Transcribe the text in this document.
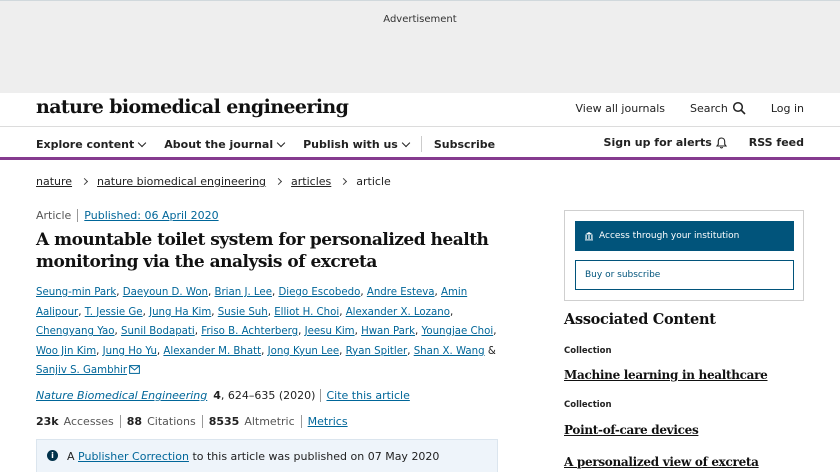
Advertisement
nature biomedical engineering	View all journals Search	Log in
Explore content	About the journal	Publish with us	Subscribe	Sign up for alerts	RSS feed
nature nature biomedical engineering articles article
Article Published: 06 April 2020
A mountable toilet system for personalized health monitoring via the analysis of excreta
Seung-min Park, Daeyoun D. Won, Brian J. Lee, Diego Escobedo, Andre Esteva, Amin Aalipour, T. Jessie Ge, Jung Ha Kim, Susie Suh, Elliot H. Choi, Alexander X. Lozano, Chengyang Yao, Sunil Bodapati, Friso B. Achterberg, Jeesu Kim, Hwan Park, Youngjae Choi, Woo Jin Kim, Jung Ho Yu, Alexander M. Bhatt, Jong Kyun Lee, Ryan Spitler, Shan X. Wang & Sanjiv S. Gambhir
Nature Biomedical Engineering 4 , 624–635 (2020) Cite this article
23k Accesses 88 Citations 8535 Altmetric Metrics
i	A Publisher Correction to this article was published on 07 May 2020
Access through your institution
Buy or subscribe
Associated Content
Collection
Machine learning in healthcare
Collection
Point-of-care devices
A personalized view of excreta
